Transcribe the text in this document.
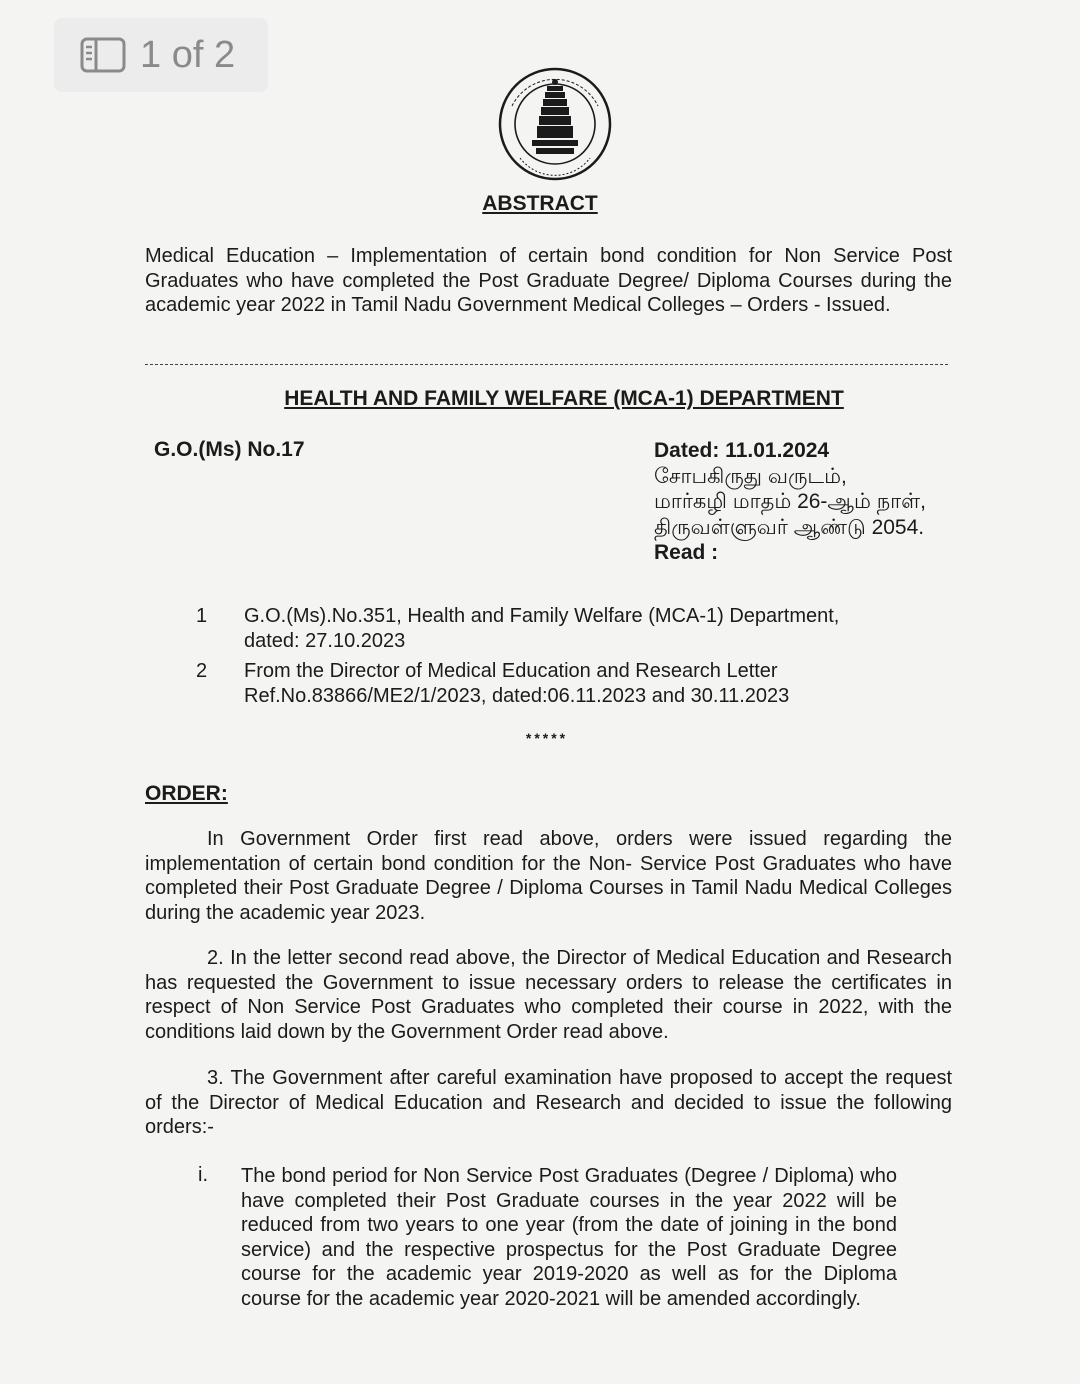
1 of 2
ABSTRACT
Medical Education – Implementation of certain bond condition for Non Service Post Graduates who have completed the Post Graduate Degree/ Diploma Courses during the academic year 2022 in Tamil Nadu Government Medical Colleges – Orders - Issued.
HEALTH AND FAMILY WELFARE (MCA-1) DEPARTMENT
G.O.(Ms) No.17	Dated: 11.01.2024
சோபகிருது வருடம்,
மார்கழி மாதம் 26-ஆம் நாள்,
திருவள்ளுவர் ஆண்டு 2054.
Read :
1 G.O.(Ms).No.351, Health and Family Welfare (MCA-1) Department,
dated: 27.10.2023
2 From the Director of Medical Education and Research Letter
Ref.No.83866/ME2/1/2023, dated:06.11.2023 and 30.11.2023
*****
ORDER:
In Government Order first read above, orders were issued regarding the implementation of certain bond condition for the Non- Service Post Graduates who have completed their Post Graduate Degree / Diploma Courses in Tamil Nadu Medical Colleges during the academic year 2023.
2. In the letter second read above, the Director of Medical Education and Research has requested the Government to issue necessary orders to release the certificates in respect of Non Service Post Graduates who completed their course in 2022, with the conditions laid down by the Government Order read above.
3. The Government after careful examination have proposed to accept the request of the Director of Medical Education and Research and decided to issue the following orders:-
i. The bond period for Non Service Post Graduates (Degree / Diploma) who have completed their Post Graduate courses in the year 2022 will be reduced from two years to one year (from the date of joining in the bond service) and the respective prospectus for the Post Graduate Degree course for the academic year 2019-2020 as well as for the Diploma course for the academic year 2020-2021 will be amended accordingly.
